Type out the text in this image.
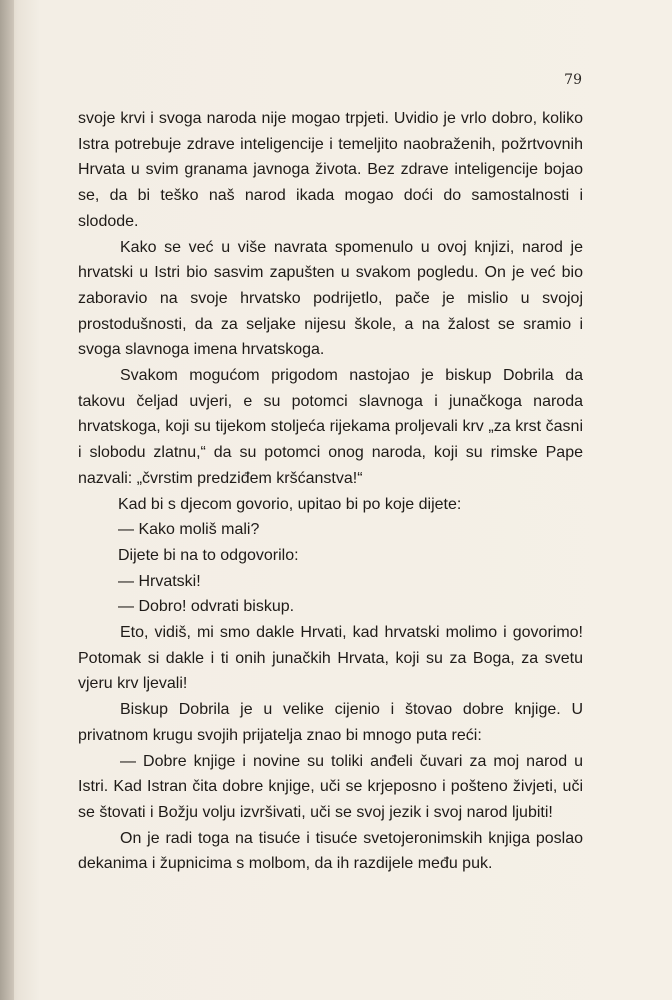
79

svoje krvi i svoga naroda nije mogao trpjeti. Uvidio je vrlo dobro, koliko Istra potrebuje zdrave inteligencije i temeljito naobraženih, požrtvovnih Hrvata u svim granama javnoga života. Bez zdrave inteligencije bojao se, da bi teško naš narod ikada mogao doći do samostalnosti i slodode.

Kako se već u više navrata spomenulo u ovoj knjizi, narod je hrvatski u Istri bio sasvim zapušten u svakom pogledu. On je već bio zaboravio na svoje hrvatsko podrijetlo, pače je mislio u svojoj prostodušnosti, da za seljake nijesu škole, a na žalost se sramio i svoga slavnoga imena hrvatskoga.

Svakom mogućom prigodom nastojao je biskup Dobrila da takovu čeljad uvjeri, e su potomci slavnoga i junačkoga naroda hrvatskoga, koji su tijekom stoljeća rijekama proljevali krv „za krst časni i slobodu zlatnu,“ da su potomci onog naroda, koji su rimske Pape nazvali: „čvrstim predziđem kršćanstva!“

Kad bi s djecom govorio, upitao bi po koje dijete:

— Kako moliš mali?

Dijete bi na to odgovorilo:

— Hrvatski!

— Dobro! odvrati biskup.

Eto, vidiš, mi smo dakle Hrvati, kad hrvatski molimo i govorimo! Potomak si dakle i ti onih junačkih Hrvata, koji su za Boga, za svetu vjeru krv ljevali!

Biskup Dobrila je u velike cijenio i štovao dobre knjige. U privatnom krugu svojih prijatelja znao bi mnogo puta reći:

— Dobre knjige i novine su toliki anđeli čuvari za moj narod u Istri. Kad Istran čita dobre knjige, uči se krjeposno i pošteno živjeti, uči se štovati i Božju volju izvršivati, uči se svoj jezik i svoj narod ljubiti!

On je radi toga na tisuće i tisuće svetojeronimskih knjiga poslao dekanima i župnicima s molbom, da ih razdijele među puk.
